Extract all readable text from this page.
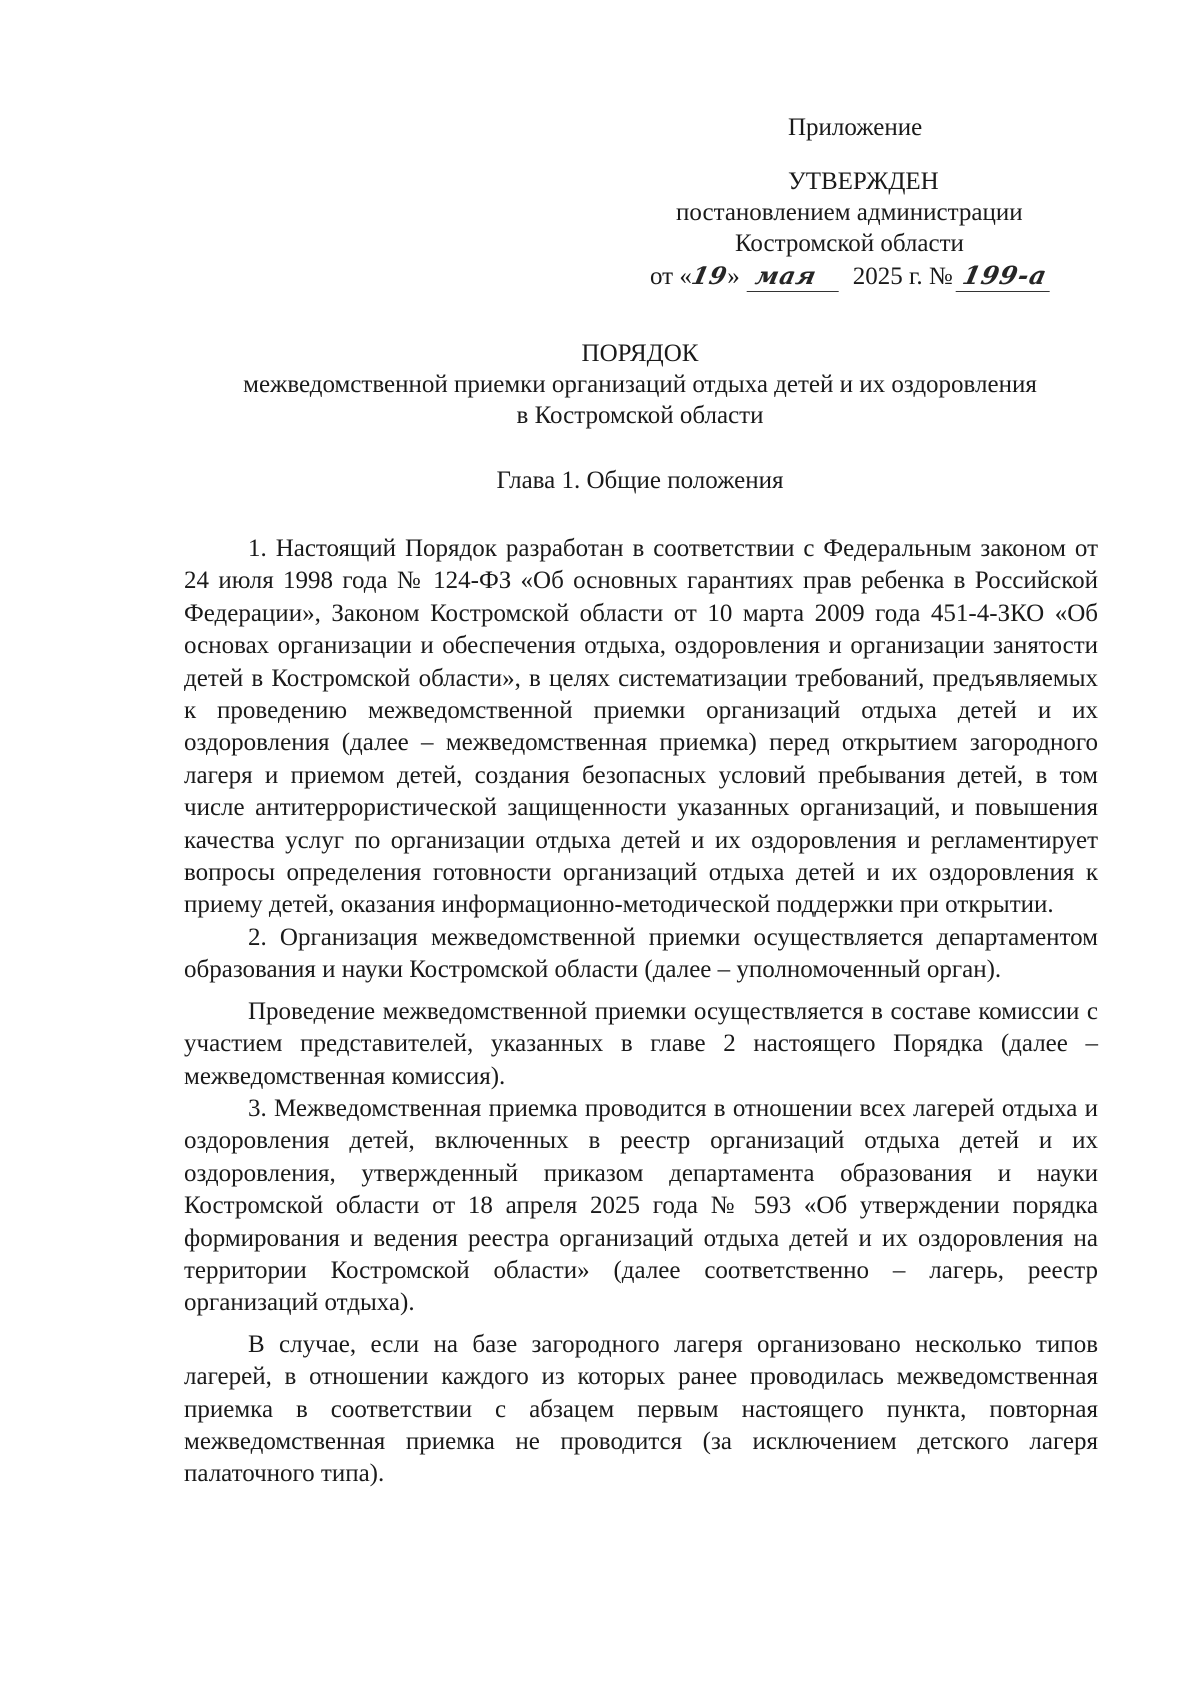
Приложение
УТВЕРЖДЕН
постановлением администрации
Костромской области
от «19» мая 2025 г. № 199-а
ПОРЯДОК
межведомственной приемки организаций отдыха детей и их оздоровления
в Костромской области
Глава 1. Общие положения

1. Настоящий Порядок разработан в соответствии с Федеральным законом от 24 июля 1998 года № 124-ФЗ «Об основных гарантиях прав ребенка в Российской Федерации», Законом Костромской области от 10 марта 2009 года 451-4-ЗКО «Об основах организации и обеспечения отдыха, оздоровления и организации занятости детей в Костромской области», в целях систематизации требований, предъявляемых к проведению межведомственной приемки организаций отдыха детей и их оздоровления (далее – межведомственная приемка) перед открытием загородного лагеря и приемом детей, создания безопасных условий пребывания детей, в том числе антитеррористической защищенности указанных организаций, и повышения качества услуг по организации отдыха детей и их оздоровления и регламентирует вопросы определения готовности организаций отдыха детей и их оздоровления к приему детей, оказания информационно-методической поддержки при открытии.

2. Организация межведомственной приемки осуществляется департаментом образования и науки Костромской области (далее – уполномоченный орган).

Проведение межведомственной приемки осуществляется в составе комиссии с участием представителей, указанных в главе 2 настоящего Порядка (далее – межведомственная комиссия).

3. Межведомственная приемка проводится в отношении всех лагерей отдыха и оздоровления детей, включенных в реестр организаций отдыха детей и их оздоровления, утвержденный приказом департамента образования и науки Костромской области от 18 апреля 2025 года № 593 «Об утверждении порядка формирования и ведения реестра организаций отдыха детей и их оздоровления на территории Костромской области» (далее соответственно – лагерь, реестр организаций отдыха).

В случае, если на базе загородного лагеря организовано несколько типов лагерей, в отношении каждого из которых ранее проводилась межведомственная приемка в соответствии с абзацем первым настоящего пункта, повторная межведомственная приемка не проводится (за исключением детского лагеря палаточного типа).
